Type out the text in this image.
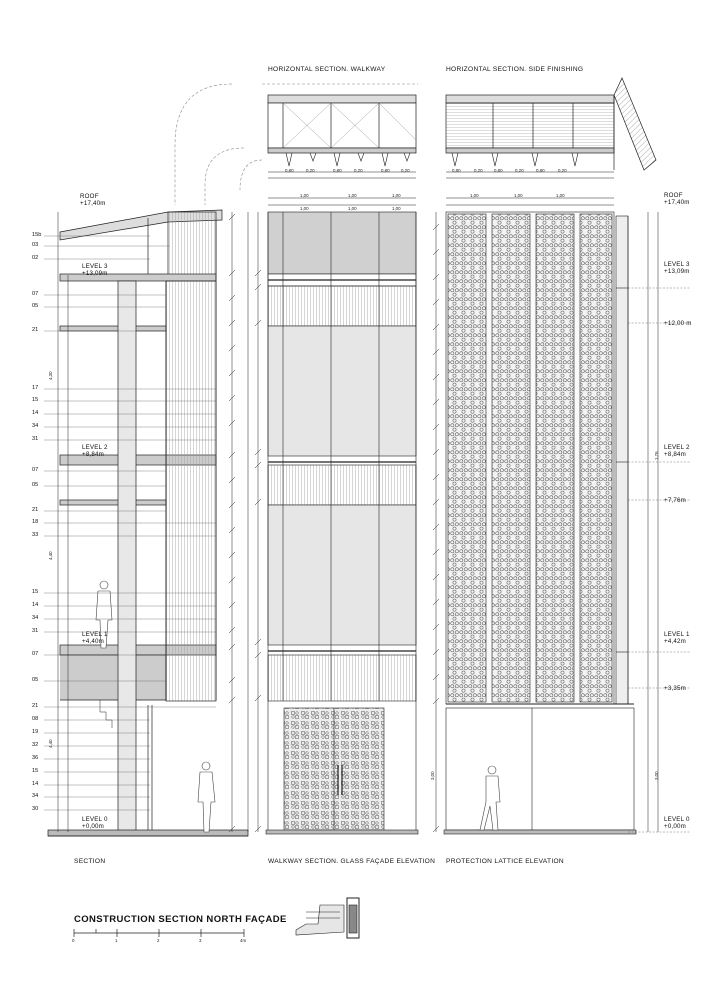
HORIZONTAL SECTION. WALKWAY	HORIZONTAL SECTION. SIDE FINISHING
SECTION	WALKWAY SECTION. GLASS FAÇADE ELEVATION PROTECTION LATTICE ELEVATION
CONSTRUCTION SECTION NORTH FAÇADE
0	1	2	3	4m
ROOF
+17,40m
LEVEL 3
+13,09m
LEVEL 2
+8,84m
LEVEL 1
+4,40m
LEVEL 0
+0,00m
ROOF
+17,40m
LEVEL 3
+13,09m
+12,00 m
LEVEL 2
+8,84m
+7,76m
LEVEL 1
+4,42m
+3,35m
LEVEL 0
+0,00m
15b
03
02
07
05
21
17
15
14
34
31
07
05
21
18
33
15
14
34
31
07
05
21
08
19
32
36
15
14
34
30
1,00	1,00	1,00
0,80	0,20	0,80	0,20	0,80	0,20
1,00	1,00	1,00
0,80	0,20	0,80	0,20	0,80	0,20
1,00	1,00	1,00
4,30
4,40
4,40
3,00
1,76
3,00
